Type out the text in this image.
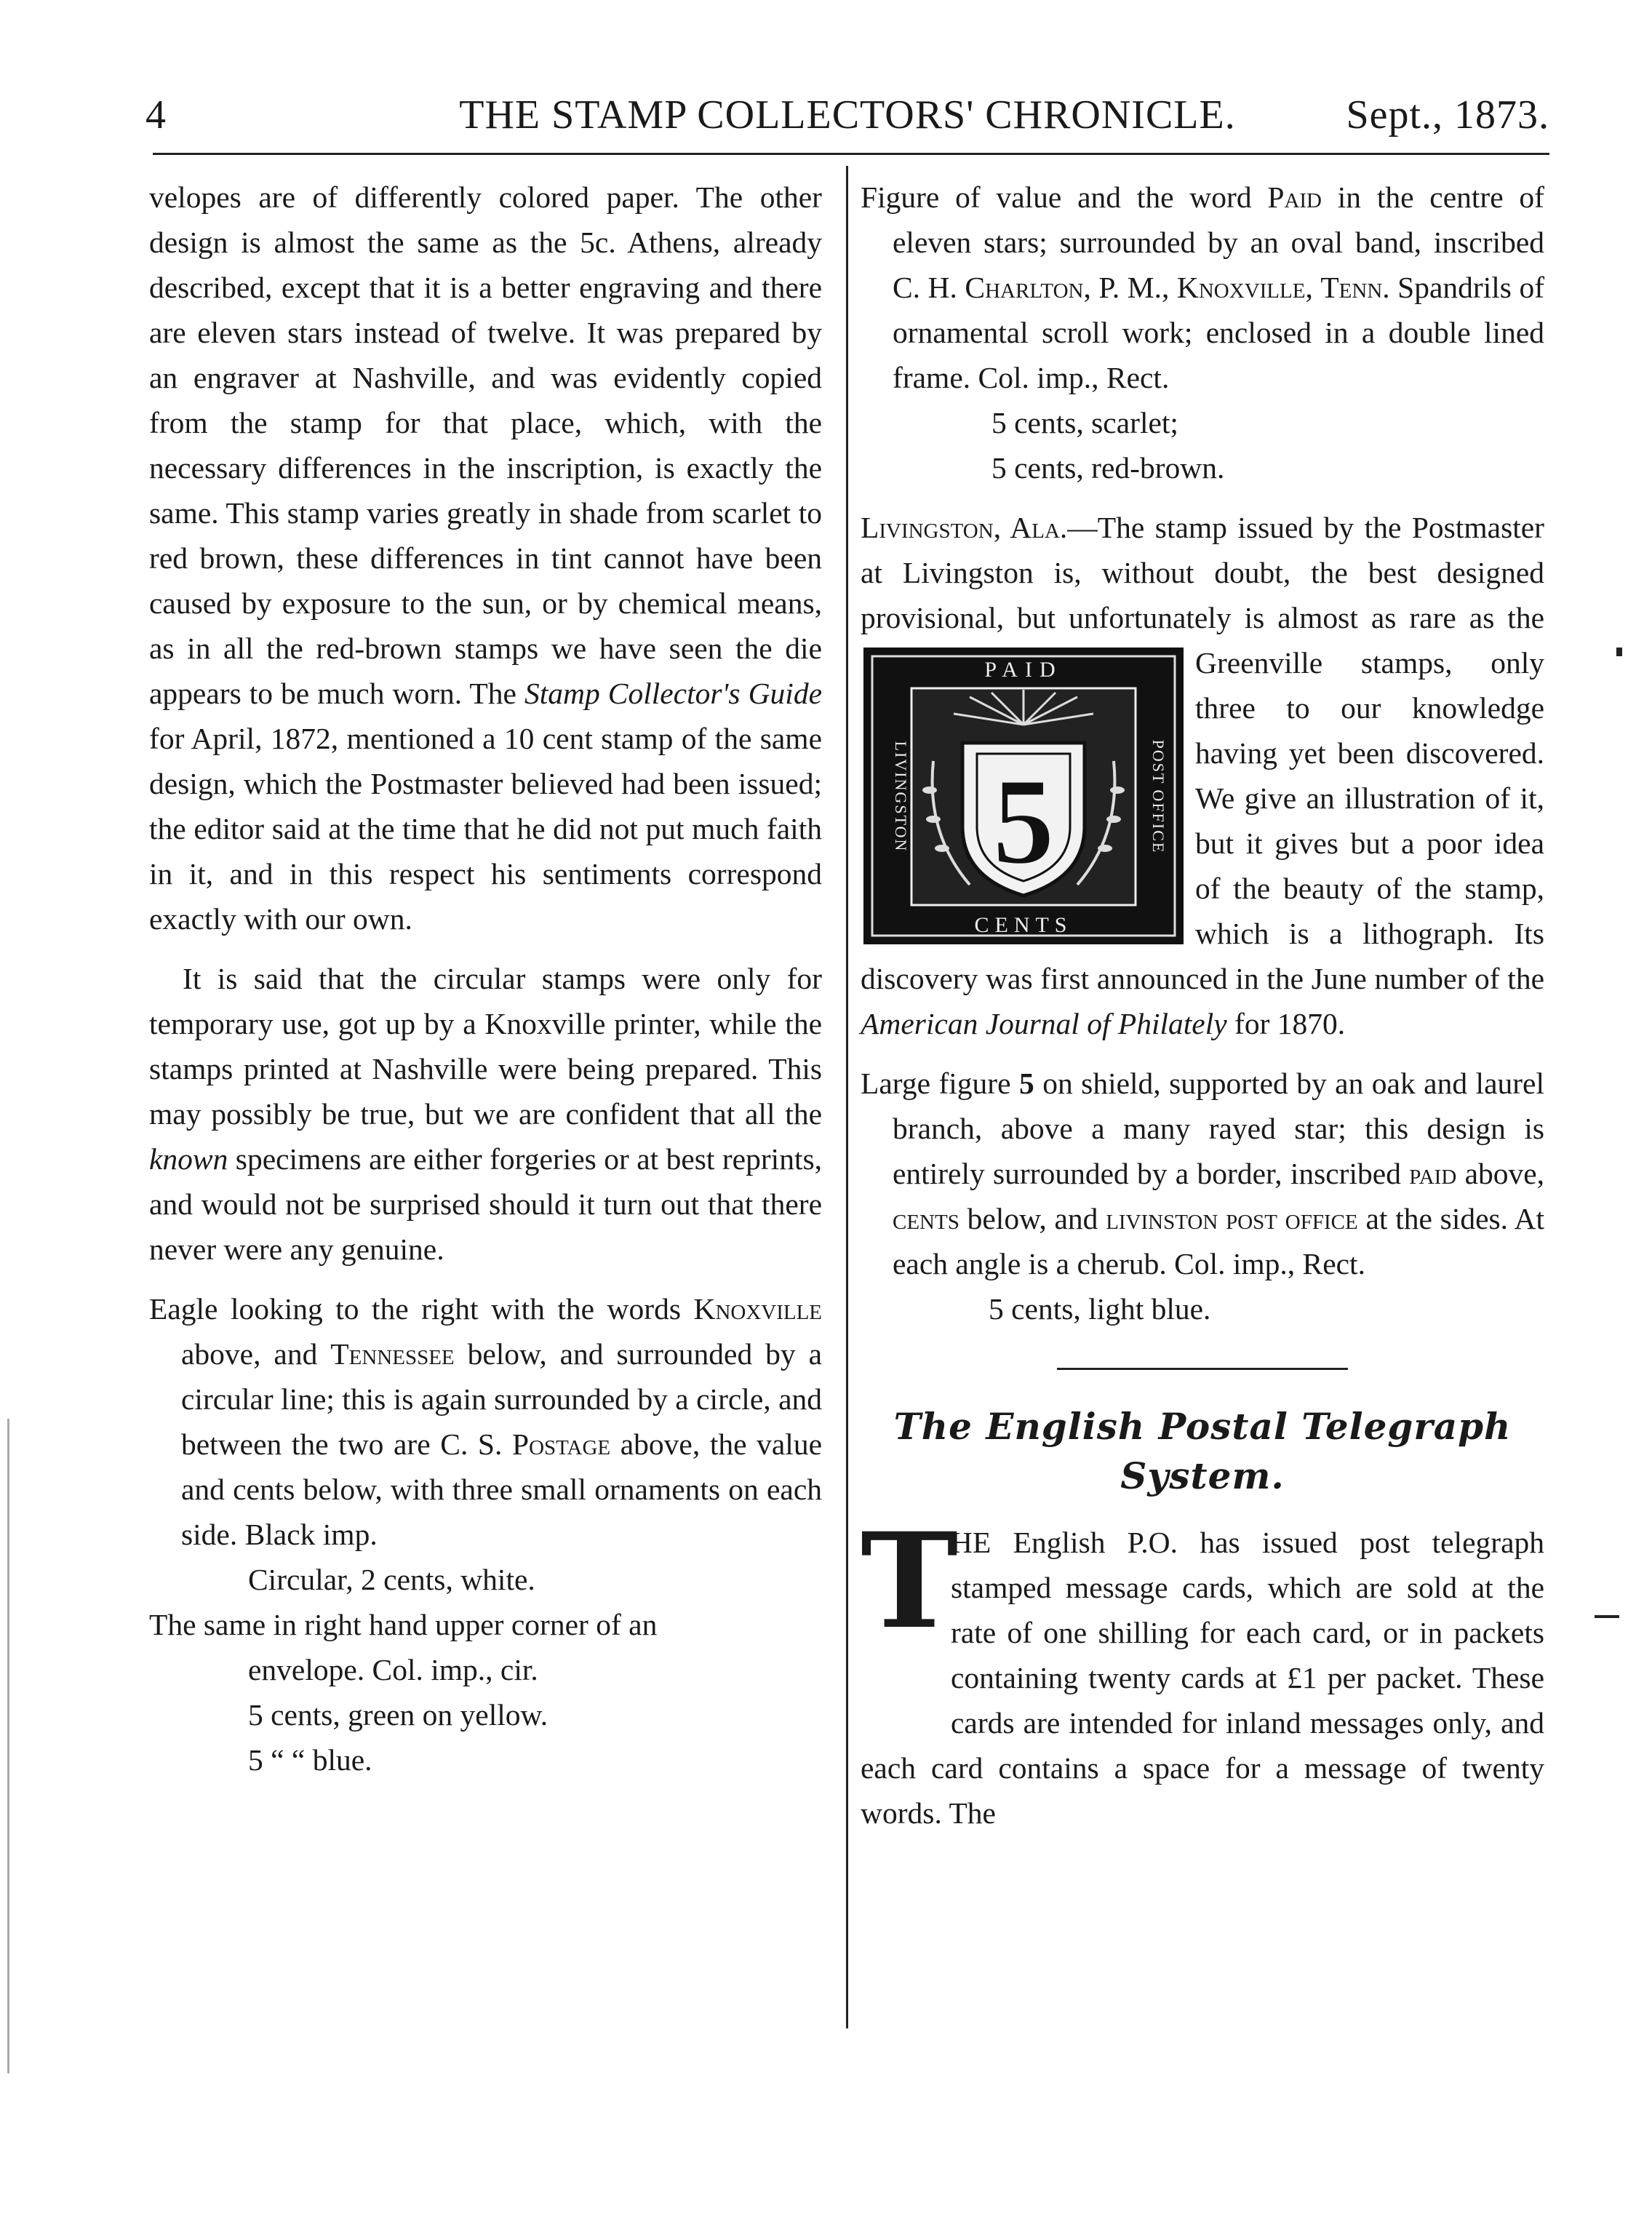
4	THE STAMP COLLECTORS' CHRONICLE.	Sept., 1873.

velopes are of differently colored paper. The other design is almost the same as the 5c. Athens, already described, except that it is a better engraving and there are eleven stars instead of twelve. It was prepared by an engraver at Nashville, and was evidently copied from the stamp for that place, which, with the necessary differences in the inscription, is exactly the same. This stamp varies greatly in shade from scarlet to red brown, these differences in tint cannot have been caused by exposure to the sun, or by chemical means, as in all the red-brown stamps we have seen the die appears to be much worn. The Stamp Collector's Guide for April, 1872, mentioned a 10 cent stamp of the same design, which the Postmaster believed had been issued; the editor said at the time that he did not put much faith in it, and in this respect his sentiments correspond exactly with our own.

It is said that the circular stamps were only for temporary use, got up by a Knoxville printer, while the stamps printed at Nashville were being prepared. This may possibly be true, but we are confident that all the known specimens are either forgeries or at best reprints, and would not be surprised should it turn out that there never were any genuine.

Eagle looking to the right with the words Knoxville above, and Tennessee below, and surrounded by a circular line; this is again surrounded by a circle, and between the two are C. S. Postage above, the value and cents below, with three small ornaments on each side. Black imp.

Circular, 2 cents, white.

The same in right hand upper corner of an

envelope. Col. imp., cir.

5 cents, green on yellow.

5 “ “ blue.

Figure of value and the word Paid in the centre of eleven stars; surrounded by an oval band, inscribed C. H. Charlton, P. M., Knoxville, Tenn. Spandrils of ornamental scroll work; enclosed in a double lined frame. Col. imp., Rect.

5 cents, scarlet;

5 cents, red-brown.

Livingston, Ala.—The stamp issued by the Postmaster at Livingston is, without doubt, the best designed provisional, but unfortunately is
almost as rare as the Greenville stamps, only three to our knowledge having yet been discovered. We give an illustration of it, but it gives but a poor idea of the beauty of the stamp, which is a lithograph. Its discovery was first announced in the June number of the American Journal of Philately for 1870.

Large figure 5 on shield, supported by an oak and laurel branch, above a many rayed star; this design is entirely surrounded by a border, inscribed paid above, cents below, and livinston post office at the sides. At each angle is a cherub. Col. imp., Rect.

5 cents, light blue.

The English Postal Telegraph System.

T
HE English P.O. has issued post telegraph stamped message cards, which are sold at the rate of one shilling for each card, or in packets containing twenty cards at £1 per packet. These cards are intended for inland messages only, and each card contains a space for a message of twenty words. The

5
PAID
CENTS
LIVINGSTON	POST OFFICE
